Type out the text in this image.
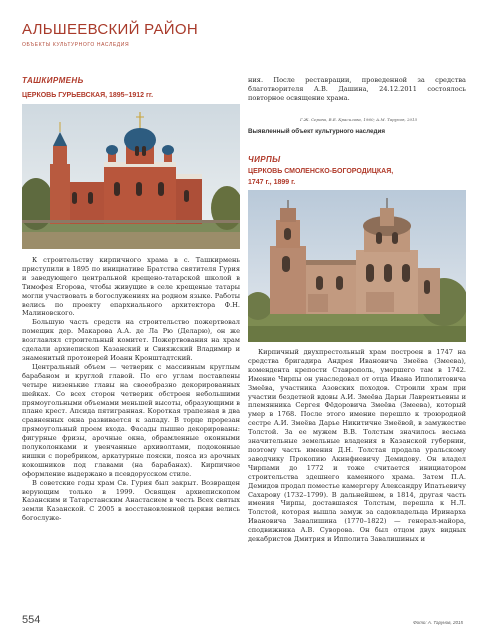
АЛЬШЕЕВСКИЙ РАЙОН
ОБЪЕКТЫ КУЛЬТУРНОГО НАСЛЕДИЯ
ТАШКИРМЕНЬ
ЦЕРКОВЬ ГУРЬЕВСКАЯ, 1895–1912 гг.

К строительству кирпичного храма в с. Ташкирмень приступили в 1895 по инициативе Братства святителя Гурия и заведующего центральной крещено-татарской школой в Тимофея Егорова, чтобы живущие в селе крещеные татары могли участвовать в богослужениях на родном языке. Работы велись по проекту епархиального архитектора Ф.Н. Малиновского.

Большую часть средств на строительство пожертвовал помещик дер. Макарова А.А. де Ла Рю (Деларю), он же возглавлял строительный комитет. Пожертвования на храм сделали архиепископ Казанский и Свияжский Владимир и знаменитый протоиерей Иоанн Кронштадтский.

Центральный объем — четверик с массивным круглым барабаном и круглой главой. По его углам поставлены четыре низенькие главы на своеобразно декорированных шейках. Со всех сторон четверик обстроен небольшими прямоугольными объемами меньшей высоты, образующими в плане крест. Апсида пятигранная. Короткая трапезная в два сравненных окна развивается к западу. В торце прорезан прямоугольный проем входа. Фасады пышно декорированы: фигурные фризы, арочные окна, обрамленные оконными полуколонками и увенчанные архиволтами, подоконные нишки с поребриком, аркатурные пояски, пояса из арочных кокошников под главами (на барабанах). Кирпичное оформление выдержано в псевдорусском стиле.

В советские годы храм Св. Гурия был закрыт. Возвращен верующим только в 1999. Освящен архиепископом Казанским и Татарстанским Анастасием в честь Всех святых земли Казанской. С 2005 в восстановленной церкви велись богослуже-

ния. После реставрации, проведенной за средства благотворителя А.В. Дашина, 24.12.2011 состоялось повторное освящение храма.

Г.Ж. Серова, В.Е. Красилова, 1960; А.М. Тарунов, 2015
Выявленный объект культурного наследия
ЧИРПЫ
ЦЕРКОВЬ СМОЛЕНСКО-БОГОРОДИЦКАЯ,
1747 г., 1899 г.

Кирпичный двухпрестольный храм построен в 1747 на средства бригадира Андрея Ивановича Змеёва (Змеева), комендента крепости Ставрополь, умершего там в 1742. Имение Чирпы он унаследовал от отца Ивана Ипполитовича Змеёва, участника Азовских походов. Строили храм при участии бездетной вдовы А.И. Змеёва Дарьи Лаврентьевны и племянника Сергея Фёдоровича Змеёва (Змеева), который умер в 1768. После этого имение перешло к троюродной сестре А.И. Змеёва Дарье Никитичне Змеёвой, в замужестве Толстой. За ее мужем В.В. Толстым значилось весьма значительные земельные владения в Казанской губернии, поэтому часть имения Д.Н. Толстая продала уральскому заводчику Прокопию Акинфиевичу Демидову. Он владел Чирпами до 1772 и тоже считается инициатором строительства здешнего каменного храма. Затем П.А. Демидов продал поместье камергеру Александру Ипатьевичу Сахарову (1732–1799). В дальнейшем, в 1814, другая часть имения Чирпы, доставшаяся Толстым, перешла к Н.Л. Толстой, которая вышла замуж за садовладельца Иринарха Ивановича Завалишина (1770–1822) — генерал-майора, сподвижника А.В. Суворова. Он был отцом двух видных декабристов Дмитрия и Ипполита Завалишиных и

554	Фото: А. Тарунов, 2015
